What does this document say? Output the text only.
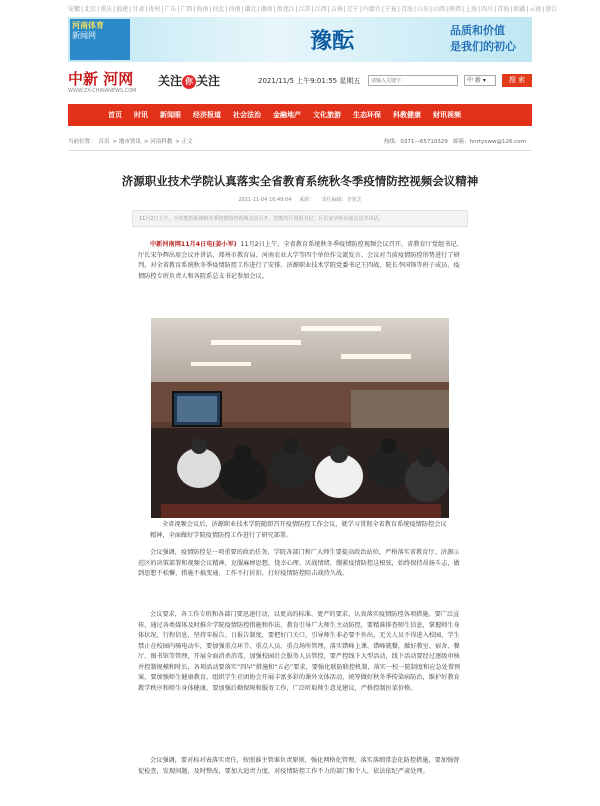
安徽|北京|重庆|福建|甘肃|贵州|广东|广西|海南|河北|河南|湖北|湖南|黑龙江|江苏|江西|吉林|辽宁|内蒙古|宁夏|青海|山东|山西|陕西|上海|四川|青海|新疆|云南|浙江
河南体育
新闻网	豫酝	品质和价值
是我们的初心
中新 河网
WWW.ZX-CHINANEWS.COM
关注 你的关注	2021/11/5 上午9:01:55 星期五
请输入关键字	中 新 ▾	搜 索
首页	时讯	新闻眼	经济报道	社会法治	金融地产	文化旅游	生态环保	科教健康	财讯视频
当前位置： 首页 > 地市资讯 > 河南科教 > 正文	热线：0371—65710329 邮箱：hnrtyxww@126.com
济源职业技术学院认真落实全省教育系统秋冬季疫情防控视频会议精神
2021-11-04 16:49:04 来源： 责任编辑：李寒芝
11月2日上午，全省教育系统秋冬季疫情防控视频会议召开，省教育厅党组书记、厅长宋争辉出席会议并讲话。
中新河南网11月4日电(姜小军) 11月2日上午，全省教育系统秋冬季疫情防控视频会议召开，省教育厅党组书记、厅长宋争辉出席会议并讲话，郑州市教育局、河南农业大学等四个单位作交流发言。会议对当前疫情防控形势进行了研判，对全省教育系统秋冬季疫情防控工作进行了安排。济源职业技术学院党委书记王四战、院长李国锋等班子成员、疫情防控专班负责人和各院系总支书记参加会议。
全省视频会议后，济源职业技术学院随即召开疫情防控工作会议，就学习贯彻全省教育系统疫情防控会议精神，全面做好学院疫情防控工作进行了研究部署。
会议强调，疫情防控是一项重要的政治任务，学院各部门和广大师生要提高政治站位，严格落实省教育厅、济源示范区的决策部署和视频会议精神，克服麻痹思想、侥幸心理、厌战情绪，绷紧疫情防控这根弦，始终保持昂扬斗志，做到思想不松懈、措施不搞变通、工作不打折扣，打好疫情防控阻击战持久战。
会议要求，各工作专班和各部门要迅速行动，以更高的标准、更严的要求，认真落实疫情防控各项措施。要广泛宣传，通过各类媒体及时推介学院疫情防控措施和作法，教育引导广大师生主动防控，要精准排查师生信息，掌握师生身体状况、行程信息，坚持零报告、日报告制度，要把好门关口，引导师生非必要不外出，无关人员不得进入校园，学生禁止在校园内骑电动车，要加强重点环节、重点人员、重点场所管理，落实错峰上课、错峰就餐，做好教室、宿舍、餐厅、图书馆等管理，开展全面消杀消毒，加强校园社会服务人员管控，要严控线下大型活动，线下活动要经过逐级审核并控制规模和时长，各项活动要落实“四早”措施和“五必”要求，要强化联防联控机制，落实一校一院制度和应急处置预案，要加强师生健康教育，组织学生社团协会开展丰富多彩的课外文体活动，统筹做好秋冬季传染病防治，维护好教育教学秩序和师生身体健康，要加强后勤保障和服务工作，广泛听取师生意见建议，严格控制医菜价格。
会议强调，要对标对表落实责任，按照谁主管谁负责原则，强化网格化管理，落实落细常态化防控措施，要加强督促检查，发现问题，及时整改，要加大追责力度，对疫情防控工作不力的部门和个人，依法依纪严肃处理。
